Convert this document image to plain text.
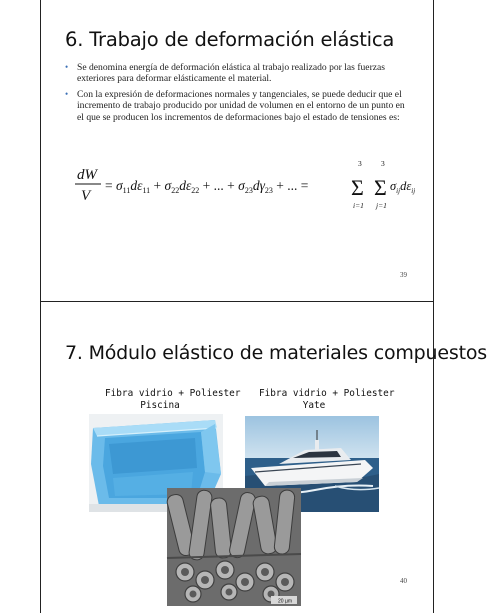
6. Trabajo de deformación elástica
• Se denomina energía de deformación elástica al trabajo realizado por las fuerzas exteriores para deformar elásticamente el material.
• Con la expresión de deformaciones normales y tangenciales, se puede deducir que el incremento de trabajo producido por unidad de volumen en el entorno de un punto en el que se producen los incrementos de deformaciones bajo el estado de tensiones es:
dW
V
= $\sigma_{11}d\varepsilon_{11} + \sigma_{22}d\varepsilon_{22}$ + ... + $\sigma_{23}d\gamma_{23}$ + ... =
3
Σ
i=1
3
Σ
j=1
$\sigma_{ij}d\varepsilon_{ij}$
39
7. Módulo elástico de materiales compuestos
Fibra vidrio + Poliester
Piscina
Fibra vidrio + Poliester
Yate
20 µm
40
